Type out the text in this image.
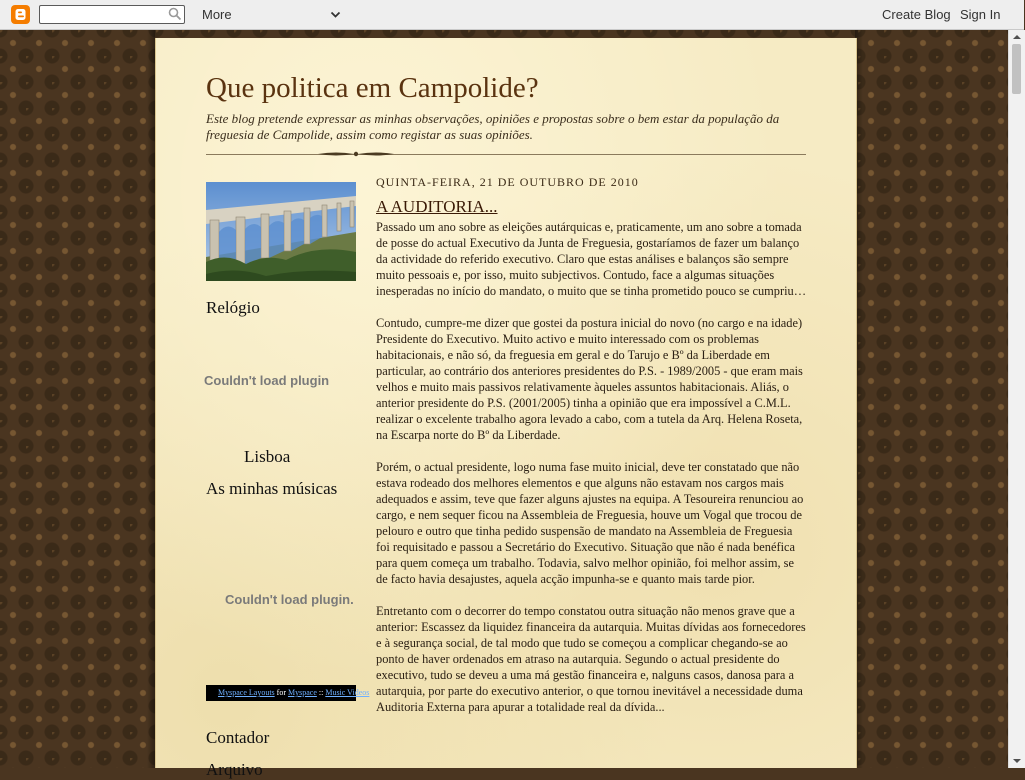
More	Create Blog Sign In
Que politica em Campolide?
Este blog pretende expressar as minhas observações, opiniões e propostas sobre o bem estar da população da freguesia de Campolide, assim como registar as suas opiniões.
Relógio
Couldn't load plugin
Lisboa
As minhas músicas
Couldn't load plugin.
Myspace Layouts for Myspace :: Music Videos
Contador
Arquivo
QUINTA-FEIRA, 21 DE OUTUBRO DE 2010
A AUDITORIA...

Passado um ano sobre as eleições autárquicas e, praticamente, um ano sobre a tomada de posse do actual Executivo da Junta de Freguesia, gostaríamos de fazer um balanço da actividade do referido executivo. Claro que estas análises e balanços são sempre muito pessoais e, por isso, muito subjectivos. Contudo, face a algumas situações inesperadas no início do mandato, o muito que se tinha prometido pouco se cumpriu…

Contudo, cumpre-me dizer que gostei da postura inicial do novo (no cargo e na idade) Presidente do Executivo. Muito activo e muito interessado com os problemas habitacionais, e não só, da freguesia em geral e do Tarujo e Bº da Liberdade em particular, ao contrário dos anteriores presidentes do P.S. - 1989/2005 - que eram mais velhos e muito mais passivos relativamente àqueles assuntos habitacionais. Aliás, o anterior presidente do P.S. (2001/2005) tinha a opinião que era impossível a C.M.L. realizar o excelente trabalho agora levado a cabo, com a tutela da Arq. Helena Roseta, na Escarpa norte do Bº da Liberdade.

Porém, o actual presidente, logo numa fase muito inicial, deve ter constatado que não estava rodeado dos melhores elementos e que alguns não estavam nos cargos mais adequados e assim, teve que fazer alguns ajustes na equipa. A Tesoureira renunciou ao cargo, e nem sequer ficou na Assembleia de Freguesia, houve um Vogal que trocou de pelouro e outro que tinha pedido suspensão de mandato na Assembleia de Freguesia foi requisitado e passou a Secretário do Executivo. Situação que não é nada benéfica para quem começa um trabalho. Todavia, salvo melhor opinião, foi melhor assim, se de facto havia desajustes, aquela acção impunha-se e quanto mais tarde pior.

Entretanto com o decorrer do tempo constatou outra situação não menos grave que a anterior: Escassez da liquidez financeira da autarquia. Muitas dívidas aos fornecedores e à segurança social, de tal modo que tudo se começou a complicar chegando-se ao ponto de haver ordenados em atraso na autarquia. Segundo o actual presidente do executivo, tudo se deveu a uma má gestão financeira e, nalguns casos, danosa para a autarquia, por parte do executivo anterior, o que tornou inevitável a necessidade duma Auditoria Externa para apurar a totalidade real da dívida...
